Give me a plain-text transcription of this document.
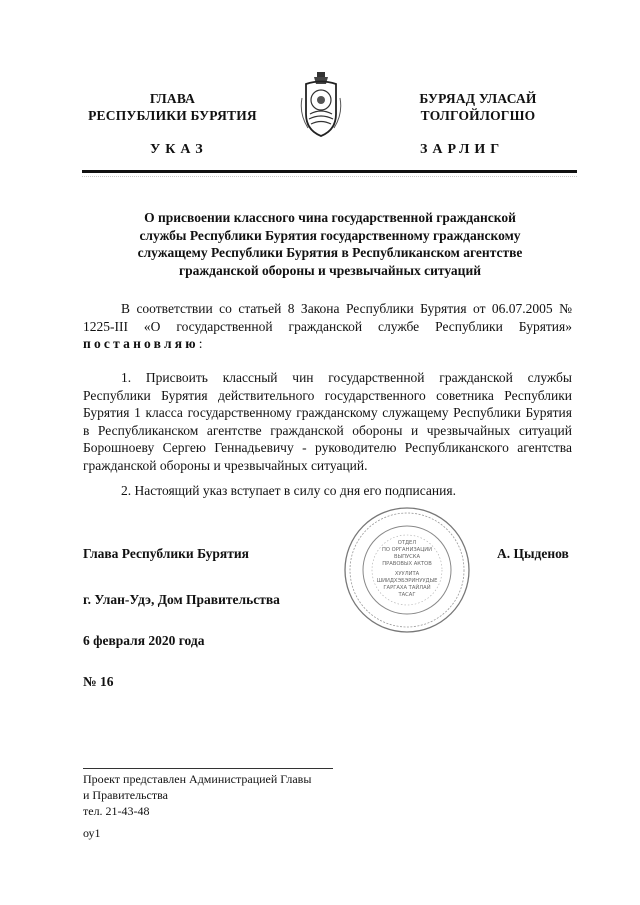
ГЛАВА
РЕСПУБЛИКИ БУРЯТИЯ
БУРЯАД УЛАСАЙ
ТОЛГОЙЛОГШО
УКАЗ	ЗАРЛИГ
О присвоении классного чина государственной гражданской
службы Республики Бурятия государственному гражданскому
служащему Республики Бурятия в Республиканском агентстве
гражданской обороны и чрезвычайных ситуаций
В соответствии со статьей 8 Закона Республики Бурятия от 06.07.2005 № 1225-III «О государственной гражданской службе Республики Бурятия» постановляю:
1. Присвоить классный чин государственной гражданской службы Республики Бурятия действительного государственного советника Республики Бурятия 1 класса государственному гражданскому служащему Республики Бурятия в Республиканском агентстве гражданской обороны и чрезвычайных ситуаций Борошноеву Сергею Геннадьевичу - руководителю Республиканского агентства гражданской обороны и чрезвычайных ситуаций.
2. Настоящий указ вступает в силу со дня его подписания.
ОТДЕЛ
ПО ОРГАНИЗАЦИИ
ВЫПУСКА
ПРАВОВЫХ АКТОВ
ХУУЛИТА
ШИИДХЭБЭРИНУУДЫЕ
ГАРГАХА ТАЙЛАЙ
ТАСАГ
Глава Республики Бурятия	А. Цыденов
г. Улан-Удэ, Дом Правительства
6 февраля 2020 года
№ 16
Проект представлен Администрацией Главы
и Правительства
тел. 21-43-48
оу1
